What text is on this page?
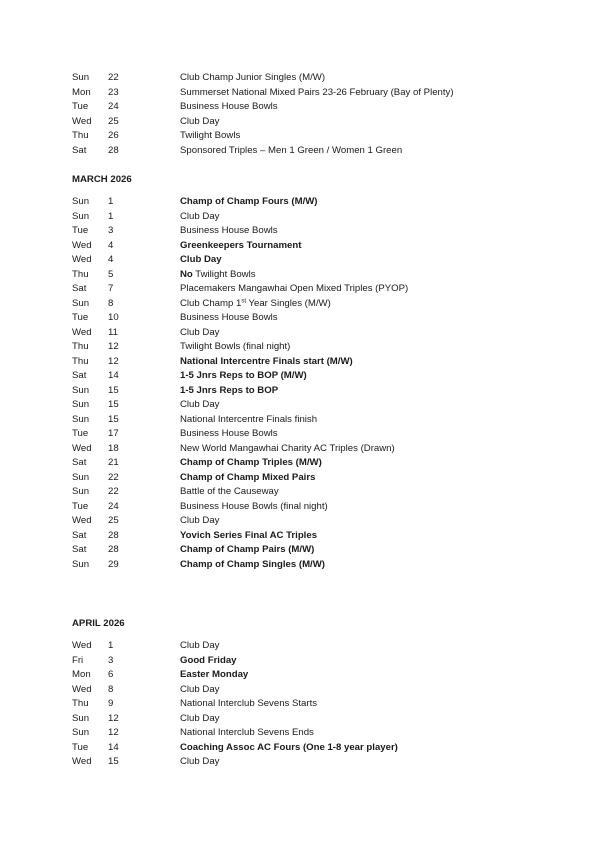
Sun 22	Club Champ Junior Singles (M/W)
Mon 23	Summerset National Mixed Pairs 23-26 February (Bay of Plenty)
Tue 24	Business House Bowls
Wed 25	Club Day
Thu 26	Twilight Bowls
Sat 28	Sponsored Triples – Men 1 Green / Women 1 Green
MARCH 2026
Sun 1	Champ of Champ Fours (M/W)
Sun 1	Club Day
Tue 3	Business House Bowls
Wed 4	Greenkeepers Tournament
Wed 4	Club Day
Thu 5	No Twilight Bowls
Sat 7	Placemakers Mangawhai Open Mixed Triples (PYOP)
Sun 8	Club Champ 1st Year Singles (M/W)
Tue 10	Business House Bowls
Wed 11	Club Day
Thu 12	Twilight Bowls (final night)
Thu 12	National Intercentre Finals start (M/W)
Sat 14	1-5 Jnrs Reps to BOP (M/W)
Sun 15	1-5 Jnrs Reps to BOP
Sun 15	Club Day
Sun 15	National Intercentre Finals finish
Tue 17	Business House Bowls
Wed 18	New World Mangawhai Charity AC Triples (Drawn)
Sat 21	Champ of Champ Triples (M/W)
Sun 22	Champ of Champ Mixed Pairs
Sun 22	Battle of the Causeway
Tue 24	Business House Bowls (final night)
Wed 25	Club Day
Sat 28	Yovich Series Final AC Triples
Sat 28	Champ of Champ Pairs (M/W)
Sun 29	Champ of Champ Singles (M/W)
APRIL 2026
Wed 1	Club Day
Fri	3	Good Friday
Mon 6	Easter Monday
Wed 8	Club Day
Thu 9	National Interclub Sevens Starts
Sun 12	Club Day
Sun 12	National Interclub Sevens Ends
Tue 14	Coaching Assoc AC Fours (One 1-8 year player)
Wed 15	Club Day
